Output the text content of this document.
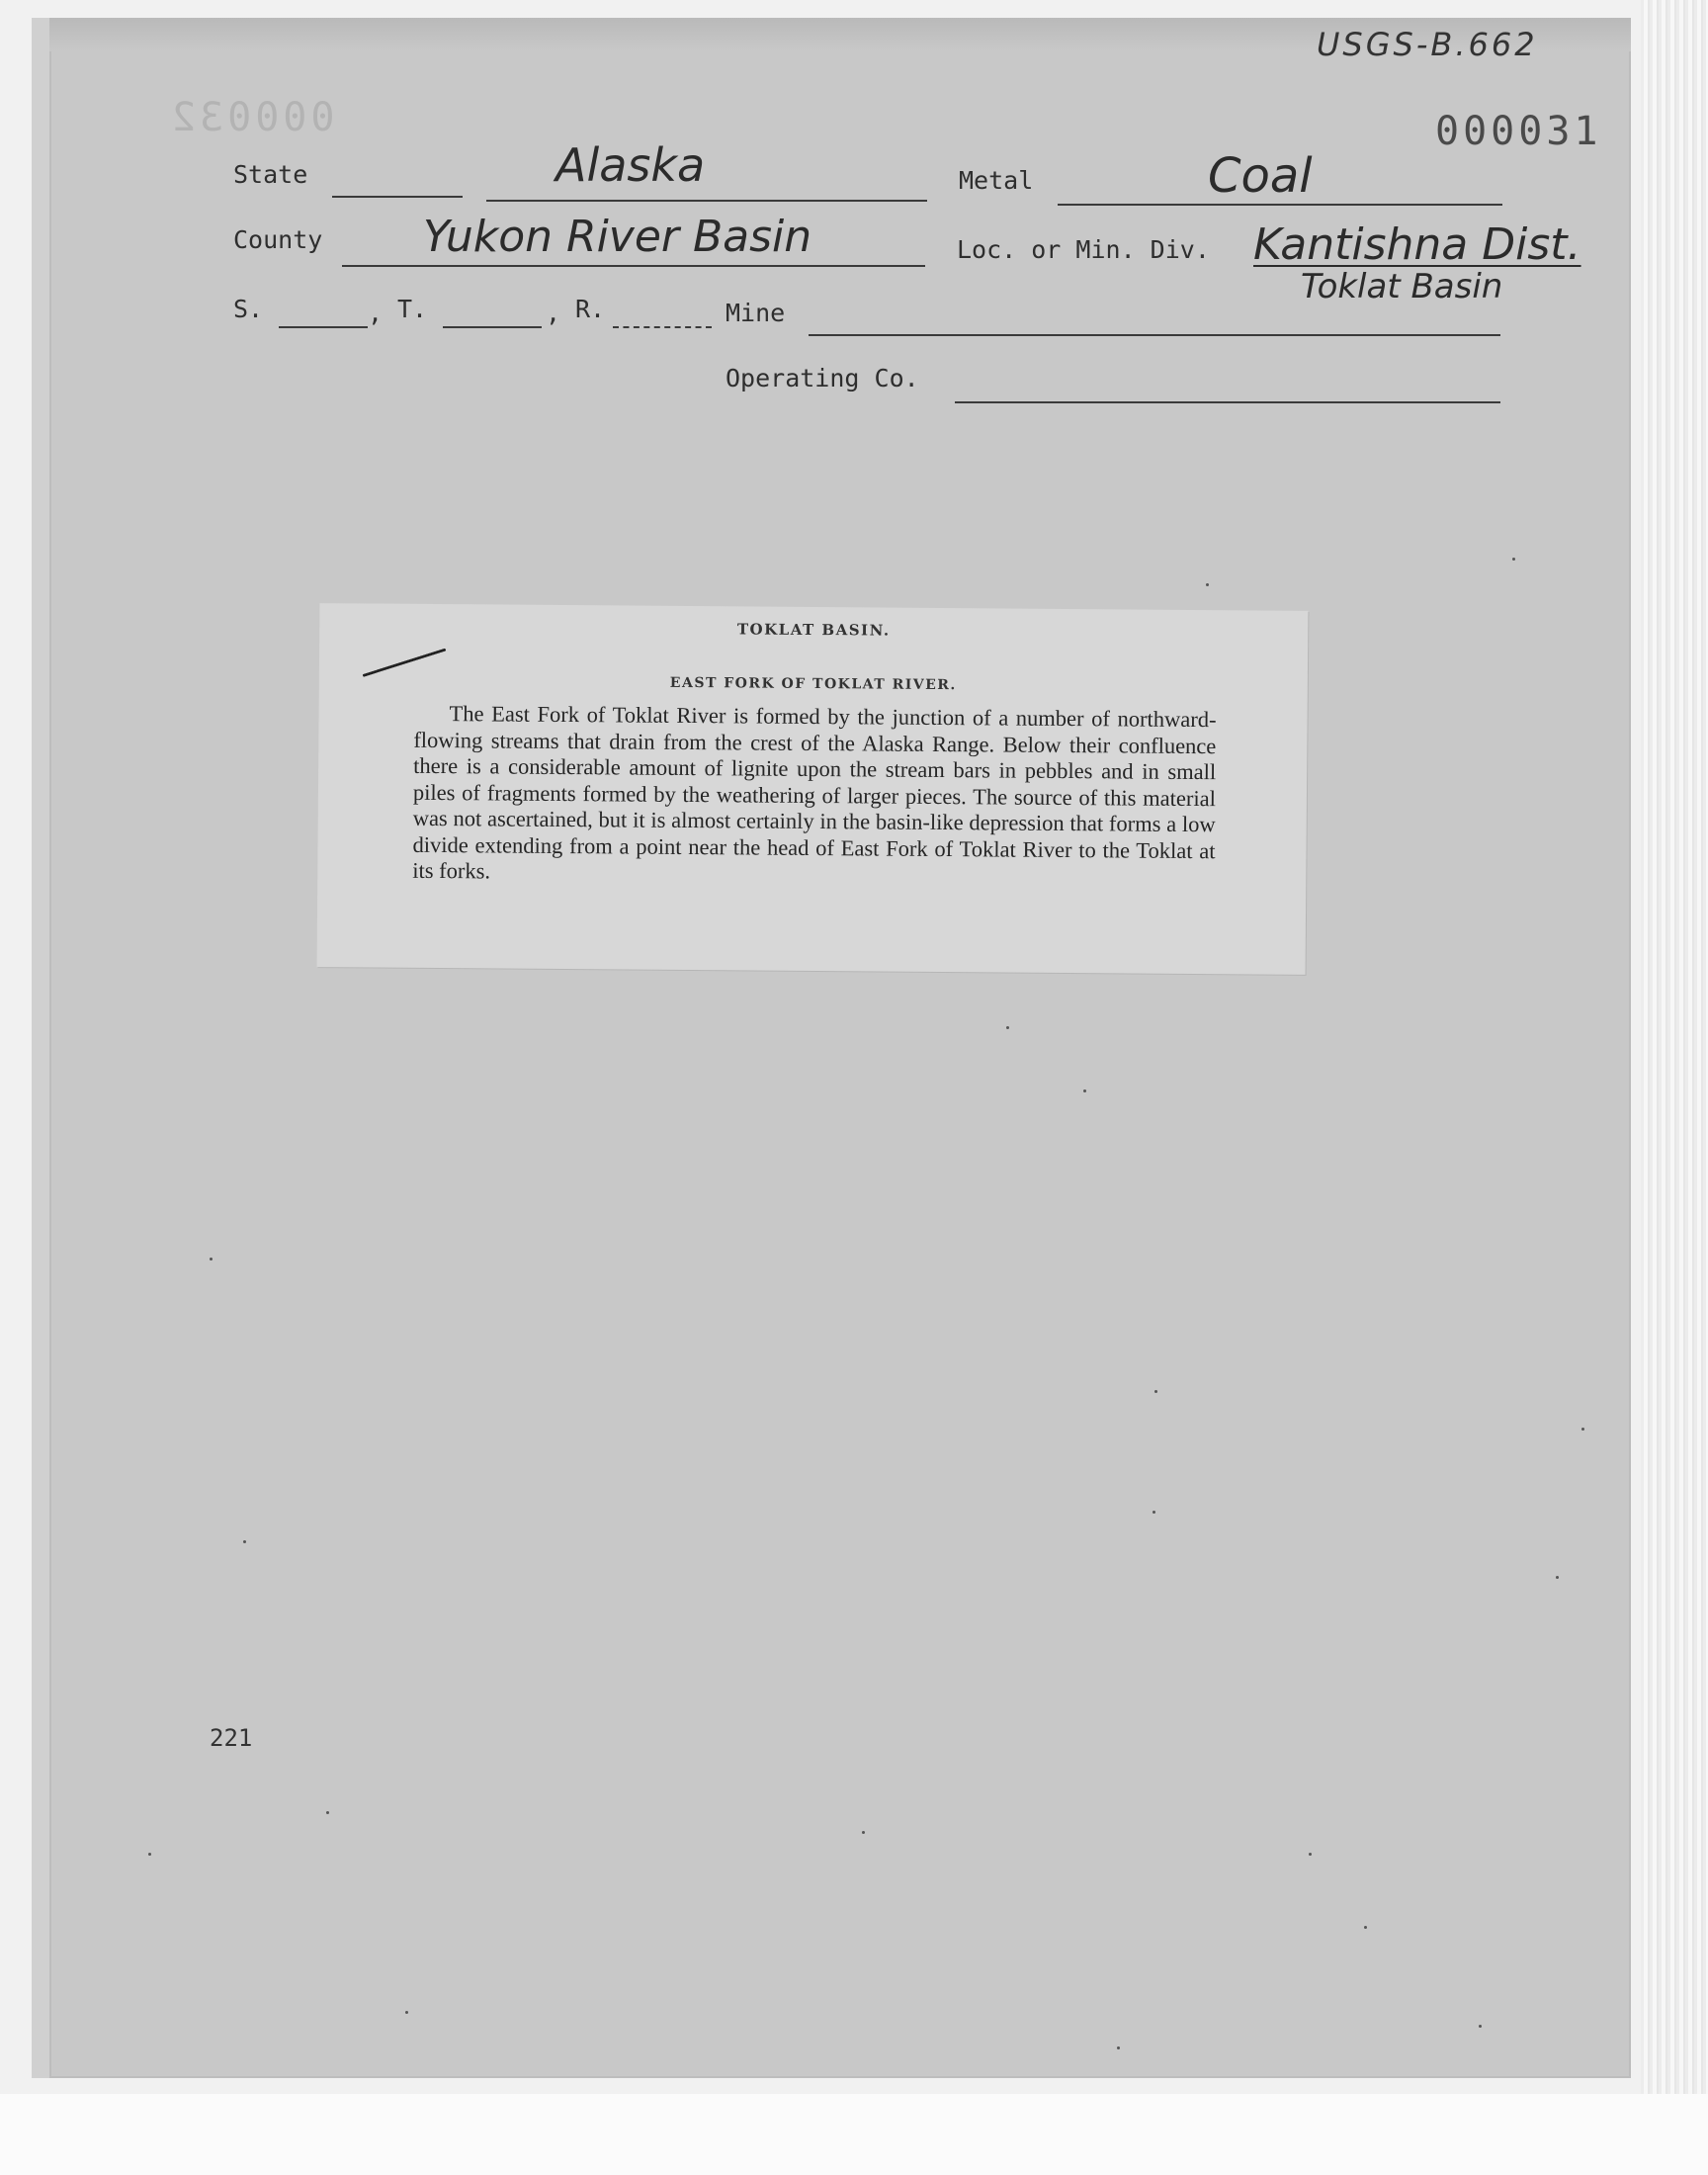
USGS-B.662
000031
000032
State	Alaska	Metal	Coal
County Yukon River Basin	Loc. or Min. Div. Kantishna Dist.
Toklat Basin
S.	, T.	, R.	Mine
Operating Co.
TOKLAT BASIN.
EAST FORK OF TOKLAT RIVER.

The East Fork of Toklat River is formed by the junction of a number of northward-flowing streams that drain from the crest of the Alaska Range. Below their confluence there is a considerable amount of lignite upon the stream bars in pebbles and in small piles of fragments formed by the weathering of larger pieces. The source of this material was not ascertained, but it is almost certainly in the basin-like depression that forms a low divide extending from a point near the head of East Fork of Toklat River to the Toklat at its forks.

221
